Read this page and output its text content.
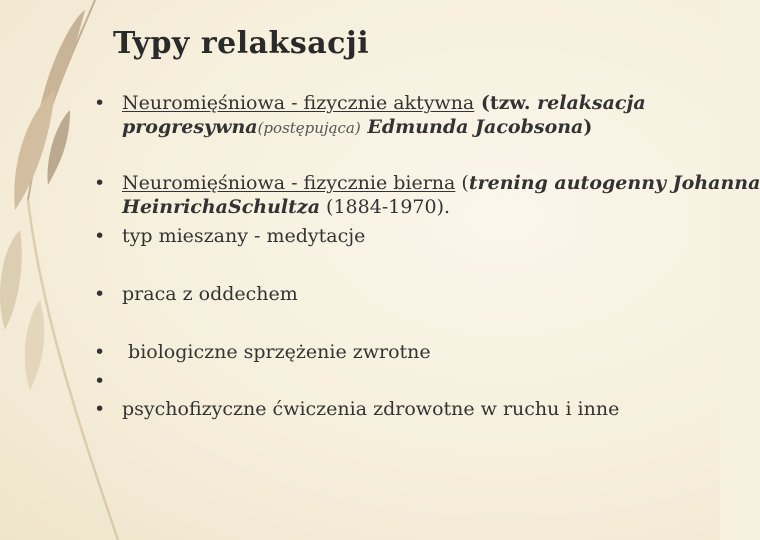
Typy relaksacji
• Neuromięśniowa - fizycznie aktywna (tzw. relaksacja
progresywna(postępująca) Edmunda Jacobsona)
• Neuromięśniowa - fizycznie bierna (trening autogenny Johanna
HeinrichaSchultza (1884-1970).
• typ mieszany - medytacje
• praca z oddechem
• biologiczne sprzężenie zwrotne
•
• psychofizyczne ćwiczenia zdrowotne w ruchu i inne
